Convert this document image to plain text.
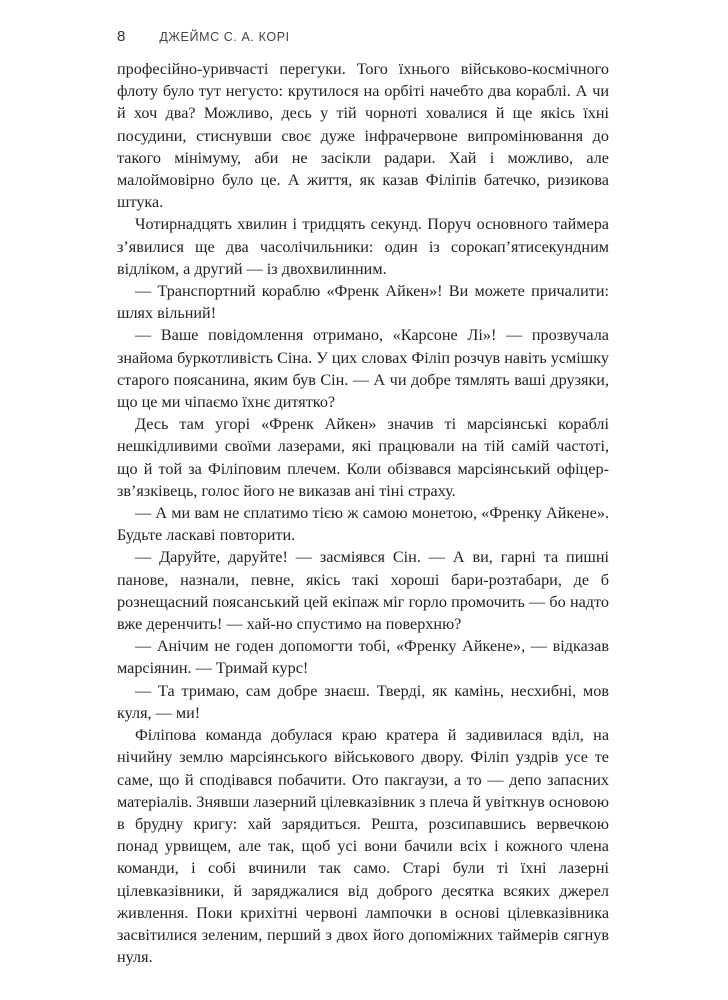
8	ДЖЕЙМС С. А. КОРІ

професійно-уривчасті перегуки. Того їхнього військово-космічного флоту було тут негусто: крутилося на орбіті начебто два кораблі. А чи й хоч два? Можливо, десь у тій чорноті ховалися й ще якісь їхні посудини, стиснувши своє дуже інфрачервоне випромінювання до такого мінімуму, аби не засікли радари. Хай і можливо, але малоймовірно було це. А життя, як казав Філіпів батечко, ризикова штука.

Чотирнадцять хвилин і тридцять секунд. Поруч основного таймера з’явилися ще два часолічильники: один із сорокап’ятисекундним відліком, а другий — із двохвилинним.

— Транспортний кораблю «Френк Айкен»! Ви можете причалити: шлях вільний!

— Ваше повідомлення отримано, «Карсоне Лі»! — прозвучала знайома буркотливість Сіна. У цих словах Філіп розчув навіть усмішку старого поясанина, яким був Сін. — А чи добре тямлять ваші друзяки, що це ми чіпаємо їхнє дитятко?

Десь там угорі «Френк Айкен» значив ті марсіянські кораблі нешкідливими своїми лазерами, які працювали на тій самій частоті, що й той за Філіповим плечем. Коли обізвався марсіянський офіцер-зв’язківець, голос його не виказав ані тіні страху.

— А ми вам не сплатимо тією ж самою монетою, «Френку Айкене». Будьте ласкаві повторити.

— Даруйте, даруйте! — засміявся Сін. — А ви, гарні та пишні панове, назнали, певне, якісь такі хороші бари-розтабари, де б рознещасний поясанський цей екіпаж міг горло промочить — бо надто вже деренчить! — хай-но спустимо на поверхню?

— Анічим не годен допомогти тобі, «Френку Айкене», — відказав марсіянин. — Тримай курс!

— Та тримаю, сам добре знаєш. Тверді, як камінь, несхибні, мов куля, — ми!

Філіпова команда добулася краю кратера й задивилася вділ, на нічийну землю марсіянського військового двору. Філіп уздрів усе те саме, що й сподівався побачити. Ото пакгаузи, а то — депо запасних матеріалів. Знявши лазерний цілевказівник з плеча й увіткнув основою в брудну кригу: хай зарядиться. Решта, розсипавшись вервечкою понад урвищем, але так, щоб усі вони бачили всіх і кожного члена команди, і собі вчинили так само. Старі були ті їхні лазерні цілевказівники, й заряджалися від доброго десятка всяких джерел живлення. Поки крихітні червоні лампочки в основі цілевказівника засвітилися зеленим, перший з двох його допоміжних таймерів сягнув нуля.
